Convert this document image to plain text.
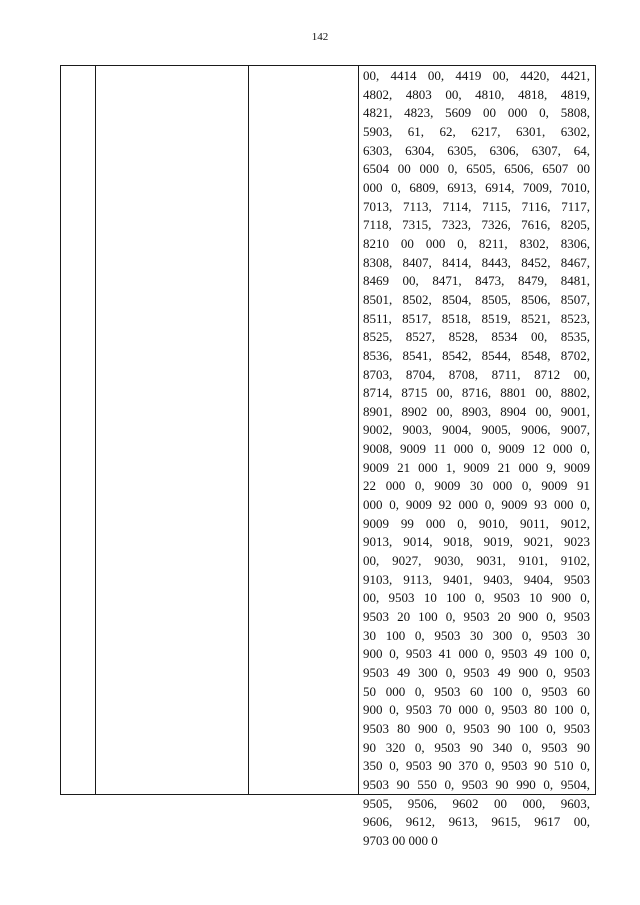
142
00, 4414 00, 4419 00, 4420, 4421,
4802, 4803 00, 4810, 4818, 4819,
4821, 4823, 5609 00 000 0, 5808,
5903, 61, 62, 6217, 6301, 6302,
6303, 6304, 6305, 6306, 6307, 64,
6504 00 000 0, 6505, 6506, 6507 00
000 0, 6809, 6913, 6914, 7009, 7010,
7013, 7113, 7114, 7115, 7116, 7117,
7118, 7315, 7323, 7326, 7616, 8205,
8210 00 000 0, 8211, 8302, 8306,
8308, 8407, 8414, 8443, 8452, 8467,
8469 00, 8471, 8473, 8479, 8481,
8501, 8502, 8504, 8505, 8506, 8507,
8511, 8517, 8518, 8519, 8521, 8523,
8525, 8527, 8528, 8534 00, 8535,
8536, 8541, 8542, 8544, 8548, 8702,
8703, 8704, 8708, 8711, 8712 00,
8714, 8715 00, 8716, 8801 00, 8802,
8901, 8902 00, 8903, 8904 00, 9001,
9002, 9003, 9004, 9005, 9006, 9007,
9008, 9009 11 000 0, 9009 12 000 0,
9009 21 000 1, 9009 21 000 9, 9009
22 000 0, 9009 30 000 0, 9009 91
000 0, 9009 92 000 0, 9009 93 000 0,
9009 99 000 0, 9010, 9011, 9012,
9013, 9014, 9018, 9019, 9021, 9023
00, 9027, 9030, 9031, 9101, 9102,
9103, 9113, 9401, 9403, 9404, 9503
00, 9503 10 100 0, 9503 10 900 0,
9503 20 100 0, 9503 20 900 0, 9503
30 100 0, 9503 30 300 0, 9503 30
900 0, 9503 41 000 0, 9503 49 100 0,
9503 49 300 0, 9503 49 900 0, 9503
50 000 0, 9503 60 100 0, 9503 60
900 0, 9503 70 000 0, 9503 80 100 0,
9503 80 900 0, 9503 90 100 0, 9503
90 320 0, 9503 90 340 0, 9503 90
350 0, 9503 90 370 0, 9503 90 510 0,
9503 90 550 0, 9503 90 990 0, 9504,
9505, 9506, 9602 00 000, 9603,
9606, 9612, 9613, 9615, 9617 00,
9703 00 000 0
